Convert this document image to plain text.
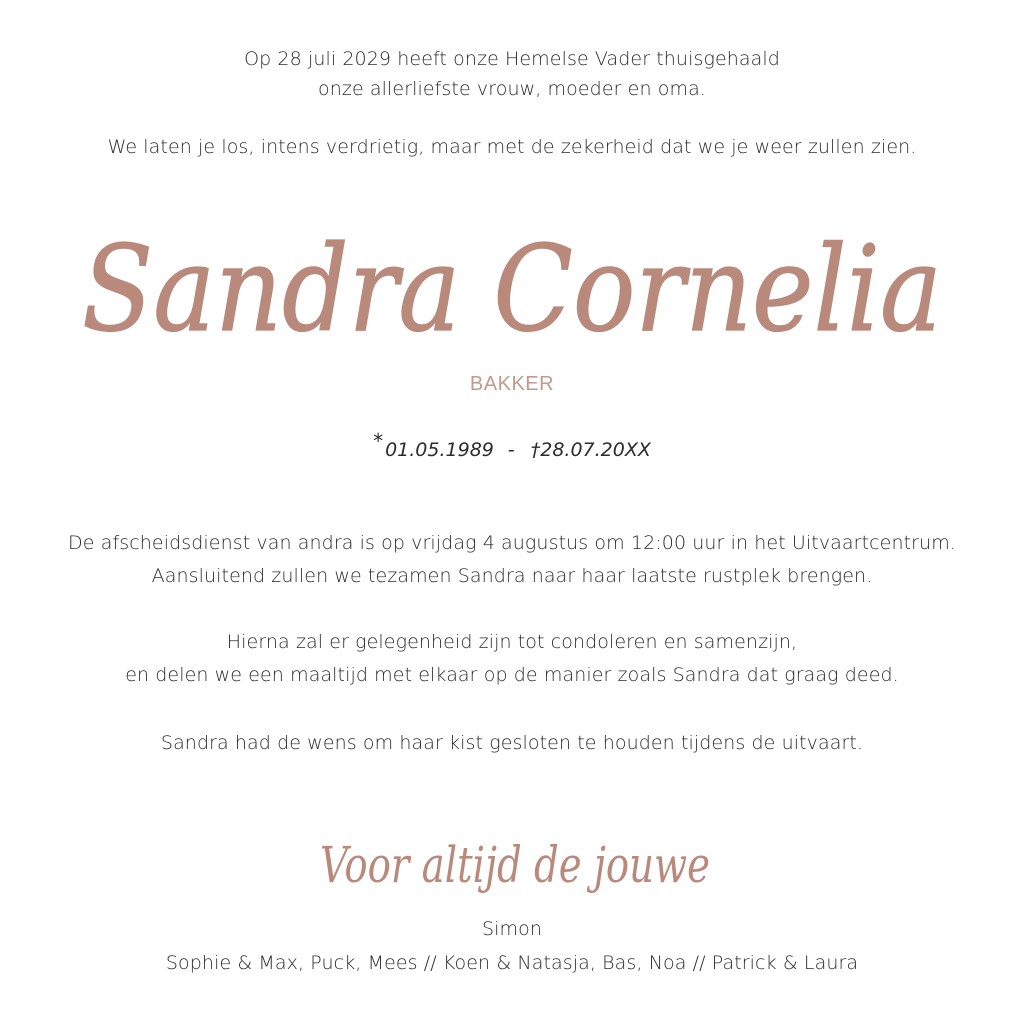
Op 28 juli 2029 heeft onze Hemelse Vader thuisgehaald
onze allerliefste vrouw, moeder en oma.
We laten je los, intens verdrietig, maar met de zekerheid dat we je weer zullen zien.
Sandra Cornelia
BAKKER
* 01.05.1989 - †28.07.20XX
De afscheidsdienst van andra is op vrijdag 4 augustus om 12:00 uur in het Uitvaartcentrum.
Aansluitend zullen we tezamen Sandra naar haar laatste rustplek brengen.
Hierna zal er gelegenheid zijn tot condoleren en samenzijn,
en delen we een maaltijd met elkaar op de manier zoals Sandra dat graag deed.
Sandra had de wens om haar kist gesloten te houden tijdens de uitvaart.
Voor altijd de jouwe
Simon
Sophie & Max, Puck, Mees // Koen & Natasja, Bas, Noa // Patrick & Laura
